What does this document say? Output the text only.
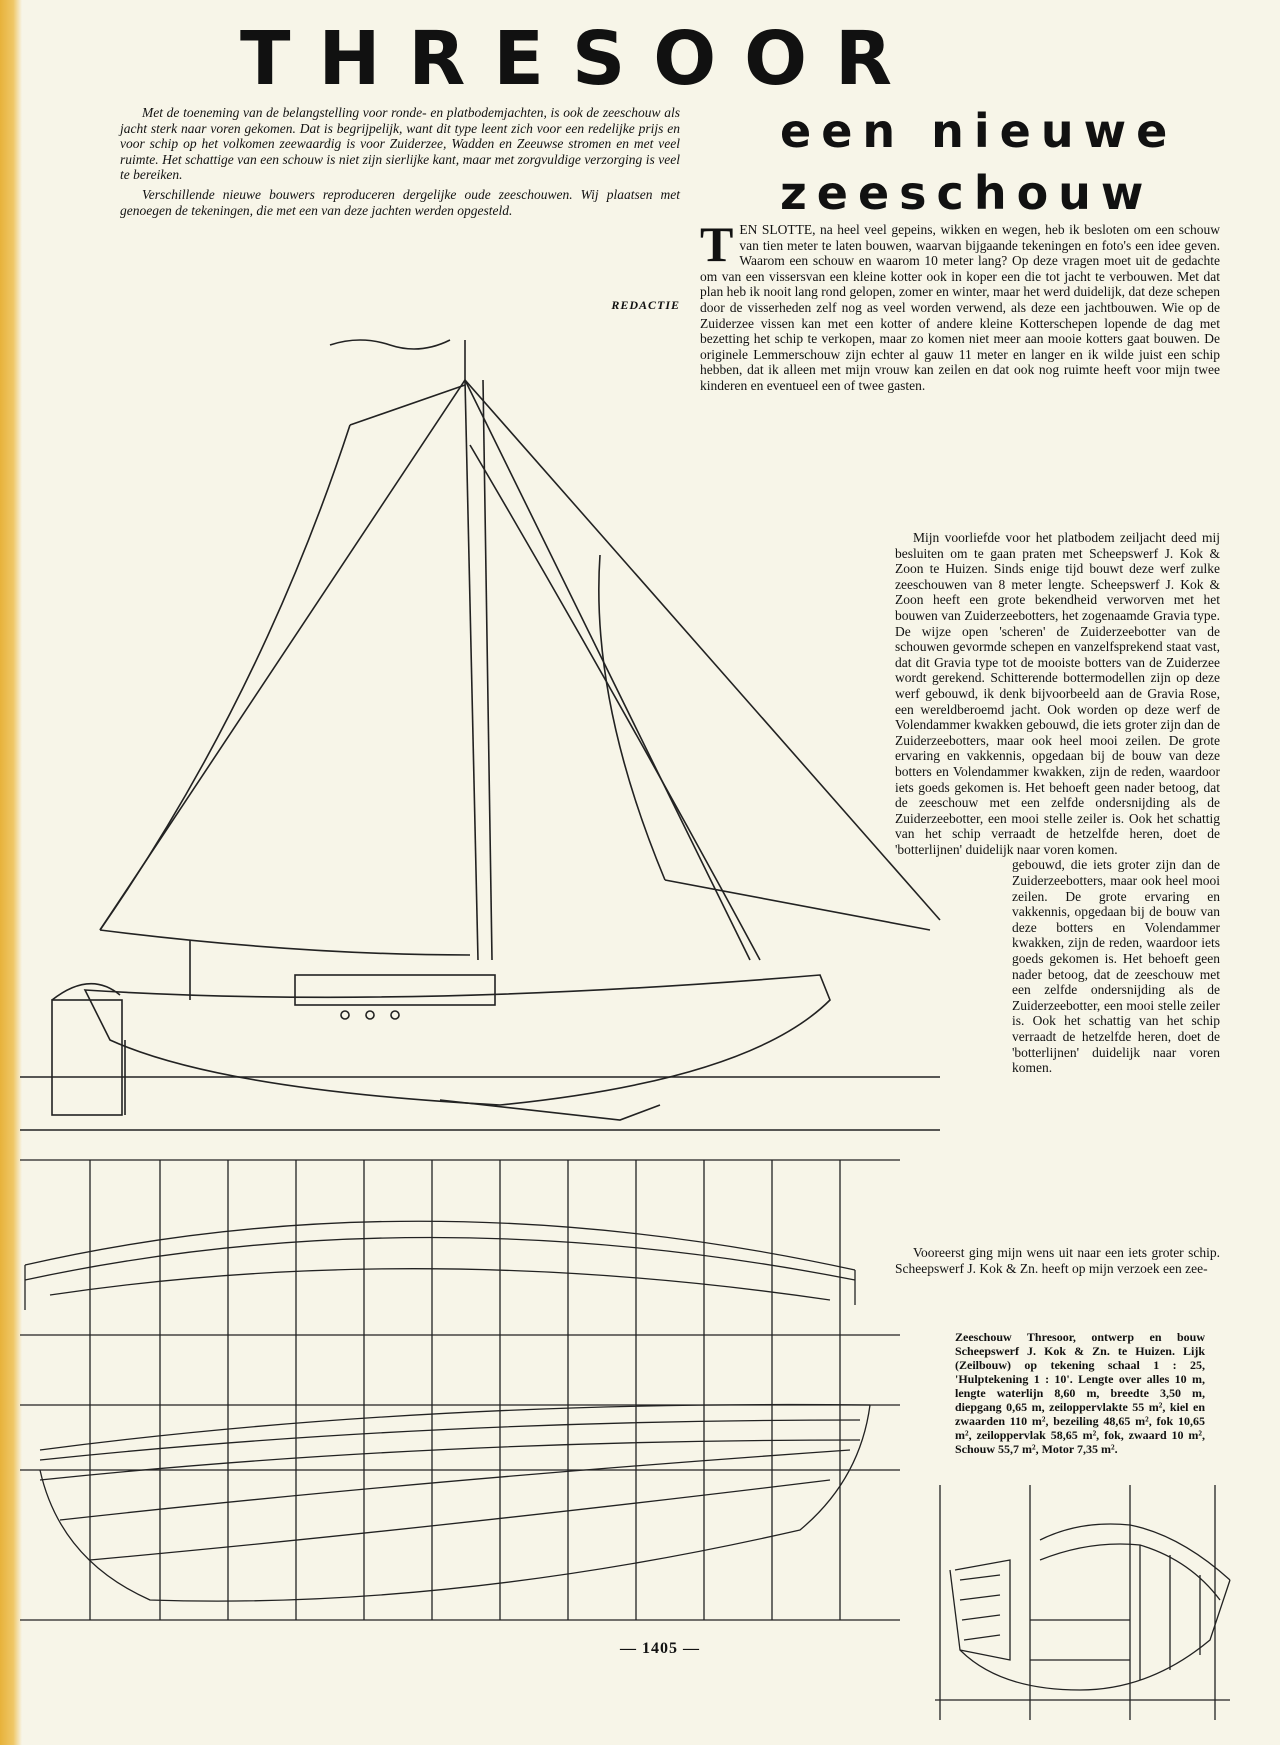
THRESOOR
een nieuwe
zeeschouw

Met de toeneming van de belangstelling voor ronde- en platbodemjachten, is ook de zeeschouw als jacht sterk naar voren gekomen. Dat is begrijpelijk, want dit type leent zich voor een redelijke prijs en voor schip op het volkomen zeewaardig is voor Zuiderzee, Wadden en Zeeuwse stromen en met veel ruimte. Het schattige van een schouw is niet zijn sierlijke kant, maar met zorgvuldige verzorging is veel te bereiken.

Verschillende nieuwe bouwers reproduceren dergelijke oude zeeschouwen. Wij plaatsen met genoegen de tekeningen, die met een van deze jachten werden opgesteld.

REDACTIE
T EN SLOTTE, na heel veel gepeins, wikken en wegen, heb ik besloten om een schouw van tien meter te laten bouwen, waarvan bijgaande tekeningen en foto's een idee geven. Waarom een schouw en waarom 10 meter lang? Op deze vragen moet uit de gedachte om van een vissersvan een kleine kotter ook in koper een die tot jacht te verbouwen. Met dat plan heb ik nooit lang rond gelopen, zomer en winter, maar het werd duidelijk, dat deze schepen door de visserheden zelf nog as veel worden verwend, als deze een jachtbouwen. Wie op de Zuiderzee vissen kan met een kotter of andere kleine Kotterschepen lopende de dag met bezetting het schip te verkopen, maar zo komen niet meer aan mooie kotters gaat bouwen. De originele Lemmerschouw zijn echter al gauw 11 meter en langer en ik wilde juist een schip hebben, dat ik alleen met mijn vrouw kan zeilen en dat ook nog ruimte heeft voor mijn twee kinderen en eventueel een of twee gasten.

Mijn voorliefde voor het platbodem zeiljacht deed mij besluiten om te gaan praten met Scheepswerf J. Kok & Zoon te Huizen. Sinds enige tijd bouwt deze werf zulke zeeschouwen van 8 meter lengte. Scheepswerf J. Kok & Zoon heeft een grote bekendheid verworven met het bouwen van Zuiderzeebotters, het zogenaamde Gravia type. De wijze open 'scheren' de Zuiderzeebotter van de schouwen gevormde schepen en vanzelfsprekend staat vast, dat dit Gravia type tot de mooiste botters van de Zuiderzee wordt gerekend. Schitterende bottermodellen zijn op deze werf gebouwd, ik denk bijvoorbeeld aan de Gravia Rose, een wereldberoemd jacht. Ook worden op deze werf de Volendammer kwakken gebouwd, die iets groter zijn dan de Zuiderzeebotters, maar ook heel mooi zeilen. De grote ervaring en vakkennis, opgedaan bij de bouw van deze botters en Volendammer kwakken, zijn de reden, waardoor iets goeds gekomen is. Het behoeft geen nader betoog, dat de zeeschouw met een zelfde ondersnijding als de Zuiderzeebotter, een mooi stelle zeiler is. Ook het schattig van het schip verraadt de hetzelfde heren, doet de 'botterlijnen' duidelijk naar voren komen.

gebouwd, die iets groter zijn dan de Zuiderzeebotters, maar ook heel mooi zeilen. De grote ervaring en vakkennis, opgedaan bij de bouw van deze botters en Volendammer kwakken, zijn de reden, waardoor iets goeds gekomen is. Het behoeft geen nader betoog, dat de zeeschouw met een zelfde ondersnijding als de Zuiderzeebotter, een mooi stelle zeiler is. Ook het schattig van het schip verraadt de hetzelfde heren, doet de 'botterlijnen' duidelijk naar voren komen.

Vooreerst ging mijn wens uit naar een iets groter schip. Scheepswerf J. Kok & Zn. heeft op mijn verzoek een zee-

Zeeschouw Thresoor, ontwerp en bouw Scheepswerf J. Kok & Zn. te Huizen. Lijk (Zeilbouw) op tekening schaal 1 : 25, 'Hulptekening 1 : 10'. Lengte over alles 10 m, lengte waterlijn 8,60 m, breedte 3,50 m, diepgang 0,65 m, zeiloppervlakte 55 m², kiel en zwaarden 110 m², bezeiling 48,65 m², fok 10,65 m², zeiloppervlak 58,65 m², fok, zwaard 10 m², Schouw 55,7 m², Motor 7,35 m².
— 1405 —
